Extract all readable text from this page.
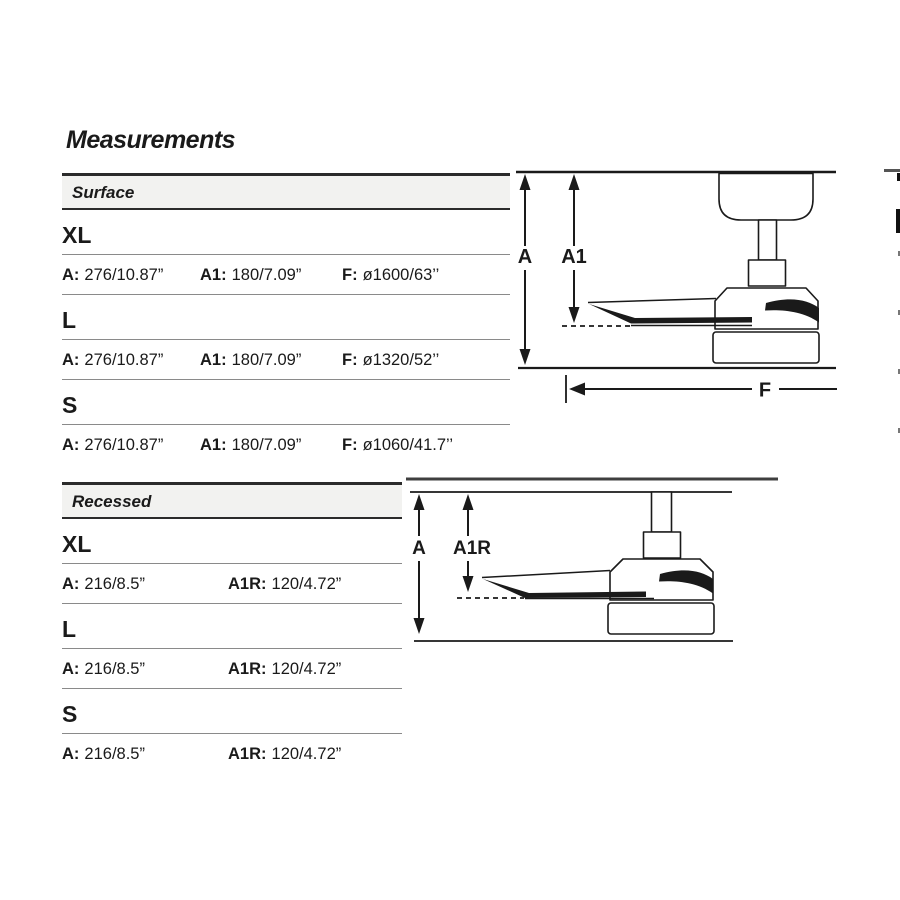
Measurements
Surface
XL
A: 276/10.87” A1: 180/7.09” F: ø1600/63’’
L
A: 276/10.87” A1: 180/7.09” F: ø1320/52’’
S
A: 276/10.87” A1: 180/7.09” F: ø1060/41.7’’
Recessed
XL
A: 216/8.5”	A1R: 120/4.72”
L
A: 216/8.5”	A1R: 120/4.72”
S
A: 216/8.5”	A1R: 120/4.72”
A A1
F
A A1R
